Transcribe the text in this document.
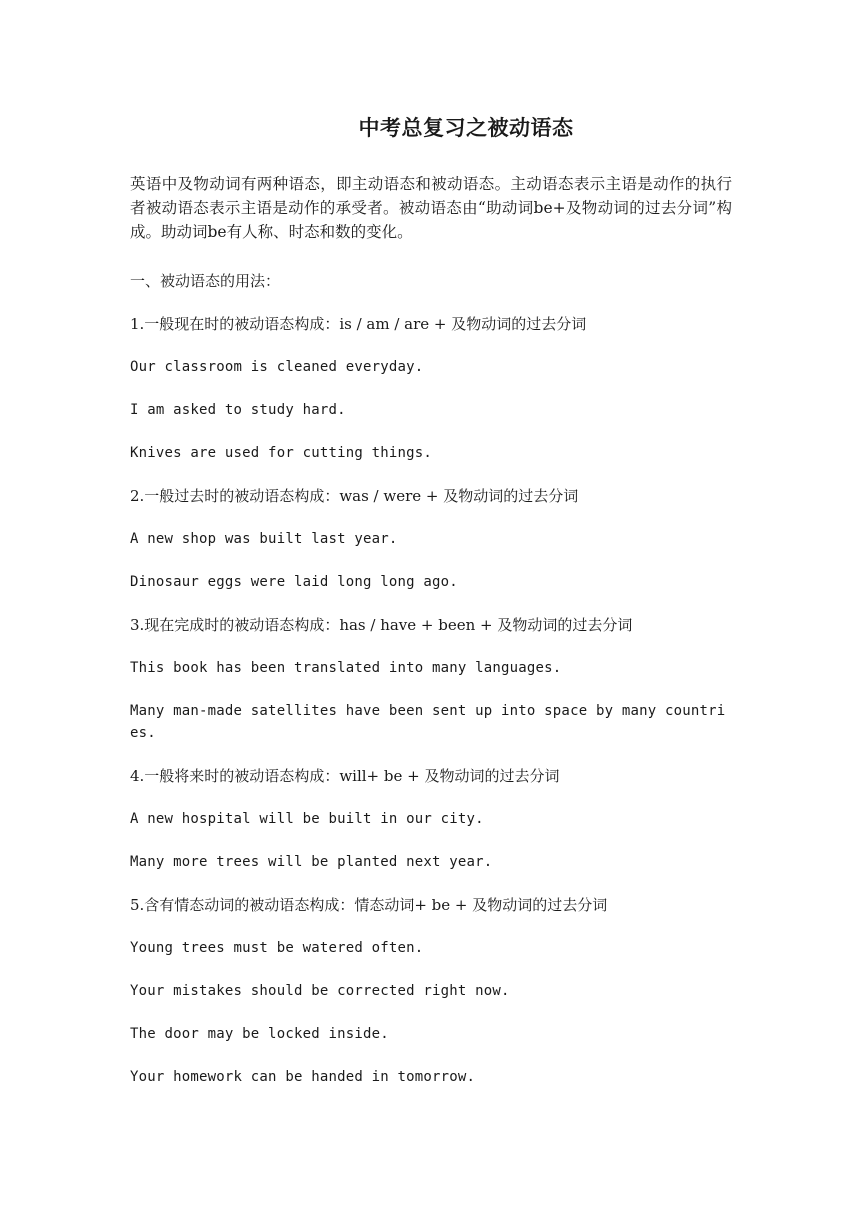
中考总复习之被动语态

英语中及物动词有两种语态，即主动语态和被动语态。主动语态表示主语是动作的执行者被动语态表示主语是动作的承受者。被动语态由“助动词be+及物动词的过去分词”构成。助动词be有人称、时态和数的变化。

一、被动语态的用法：

1.一般现在时的被动语态构成：is / am / are + 及物动词的过去分词

Our classroom is cleaned everyday.

I am asked to study hard.

Knives are used for cutting things.

2.一般过去时的被动语态构成：was / were + 及物动词的过去分词

A new shop was built last year.

Dinosaur eggs were laid long long ago.

3.现在完成时的被动语态构成：has / have + been + 及物动词的过去分词

This book has been translated into many languages.

Many man-made satellites have been sent up into space by many countries.

4.一般将来时的被动语态构成：will+ be + 及物动词的过去分词

A new hospital will be built in our city.

Many more trees will be planted next year.

5.含有情态动词的被动语态构成：情态动词+ be + 及物动词的过去分词

Young trees must be watered often.

Your mistakes should be corrected right now.

The door may be locked inside.

Your homework can be handed in tomorrow.
